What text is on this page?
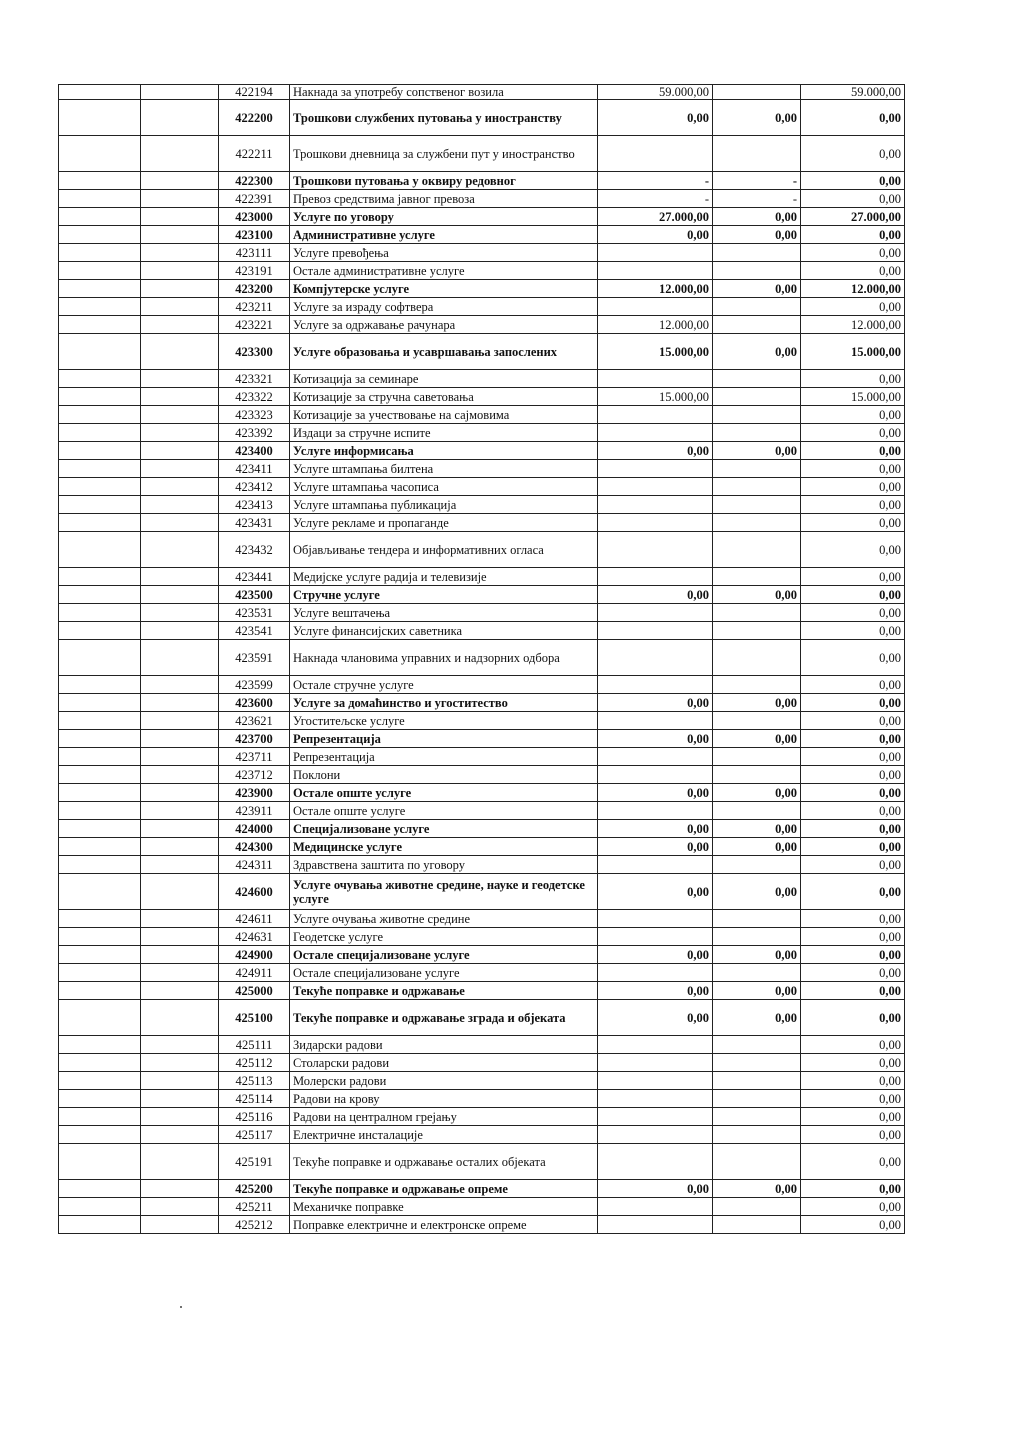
		422194	Накнада за употребу сопственог возила	59.000,00		59.000,00
		422200	Трошкови службених путовања у иностранству	0,00	0,00	0,00
		422211	Трошкови дневница за службени пут у иностранство			0,00
		422300	Трошкови путовања у оквиру редовног	-	-	0,00
		422391	Превоз средствима јавног превоза	-	-	0,00
		423000	Услуге по уговору	27.000,00	0,00	27.000,00
		423100	Административне услуге	0,00	0,00	0,00
		423111	Услуге превођења			0,00
		423191	Остале административне услуге			0,00
		423200	Компјутерске услуге	12.000,00	0,00	12.000,00
		423211	Услуге за израду софтвера			0,00
		423221	Услуге за одржавање рачунара	12.000,00		12.000,00
		423300	Услуге образовања и усавршавања запослених	15.000,00	0,00	15.000,00
		423321	Котизација за семинаре			0,00
		423322	Котизације за стручна саветовања	15.000,00		15.000,00
		423323	Котизације за учествовање на сајмовима			0,00
		423392	Издаци за стручне испите			0,00
		423400	Услуге информисања	0,00	0,00	0,00
		423411	Услуге штампања билтена			0,00
		423412	Услуге штампања часописа			0,00
		423413	Услуге штампања публикација			0,00
		423431	Услуге рекламе и пропаганде			0,00
		423432	Објављивање тендера и информативних огласа			0,00
		423441	Медијске услуге радија и телевизије			0,00
		423500	Стручне услуге	0,00	0,00	0,00
		423531	Услуге вештачења			0,00
		423541	Услуге финансијских саветника			0,00
		423591	Накнада члановима управних и надзорних одбора			0,00
		423599	Остале стручне услуге			0,00
		423600	Услуге за домаћинство и угоститество	0,00	0,00	0,00
		423621	Угоститељске услуге			0,00
		423700	Репрезентација	0,00	0,00	0,00
		423711	Репрезентација			0,00
		423712	Поклони			0,00
		423900	Остале опште услуге	0,00	0,00	0,00
		423911	Остале опште услуге			0,00
		424000	Специјализоване услуге	0,00	0,00	0,00
		424300	Медицинске услуге	0,00	0,00	0,00
		424311	Здравствена заштита по уговору			0,00
		424600	Услуге очувања животне средине, науке и геодетске услуге	0,00	0,00	0,00
		424611	Услуге очувања животне средине			0,00
		424631	Геодетске услуге			0,00
		424900	Остале специјализоване услуге	0,00	0,00	0,00
		424911	Остале специјализоване услуге			0,00
		425000	Текуће поправке и одржавање	0,00	0,00	0,00
		425100	Текуће поправке и одржавање зграда и објеката	0,00	0,00	0,00
		425111	Зидарски радови			0,00
		425112	Столарски радови			0,00
		425113	Молерски радови			0,00
		425114	Радови на крову			0,00
		425116	Радови на централном грејању			0,00
		425117	Електричне инсталације			0,00
		425191	Текуће поправке и одржавање осталих објеката			0,00
		425200	Текуће поправке и одржавање опреме	0,00	0,00	0,00
		425211	Механичке поправке			0,00
		425212	Поправке електричне и електронске опреме			0,00
